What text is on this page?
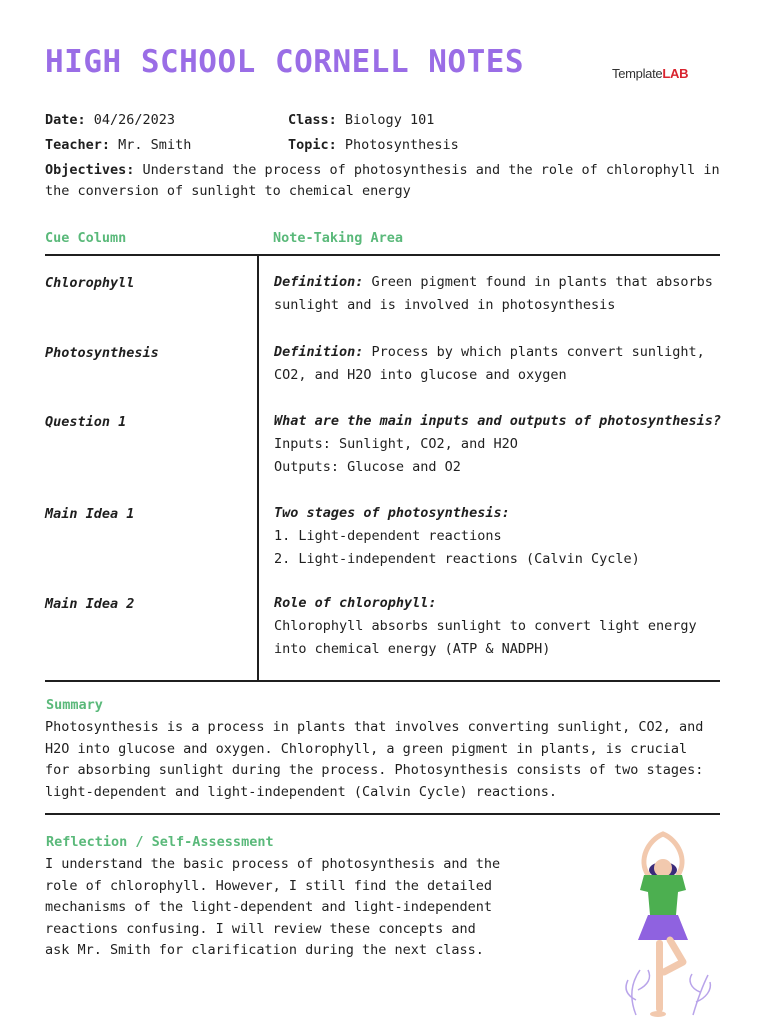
HIGH SCHOOL CORNELL NOTES	TemplateLAB
Date: 04/26/2023	Class: Biology 101
Teacher: Mr. Smith	Topic: Photosynthesis
Objectives: Understand the process of photosynthesis and the role of chlorophyll in the conversion of sunlight to chemical energy
Cue Column	Note-Taking Area
Chlorophyll	Definition: Green pigment found in plants that absorbs sunlight and is involved in photosynthesis
Photosynthesis	Definition: Process by which plants convert sunlight, CO2, and H2O into glucose and oxygen
Question 1	What are the main inputs and outputs of photosynthesis?
Inputs: Sunlight, CO2, and H2O
Outputs: Glucose and O2
Main Idea 1	Two stages of photosynthesis:
1. Light-dependent reactions
2. Light-independent reactions (Calvin Cycle)
Main Idea 2	Role of chlorophyll:
Chlorophyll absorbs sunlight to convert light energy into chemical energy (ATP & NADPH)
Summary
Photosynthesis is a process in plants that involves converting sunlight, CO2, and H2O into glucose and oxygen. Chlorophyll, a green pigment in plants, is crucial for absorbing sunlight during the process. Photosynthesis consists of two stages: light-dependent and light-independent (Calvin Cycle) reactions.
Reflection / Self-Assessment
I understand the basic process of photosynthesis and the role of chlorophyll. However, I still find the detailed mechanisms of the light-dependent and light-independent reactions confusing. I will review these concepts and ask Mr. Smith for clarification during the next class.
